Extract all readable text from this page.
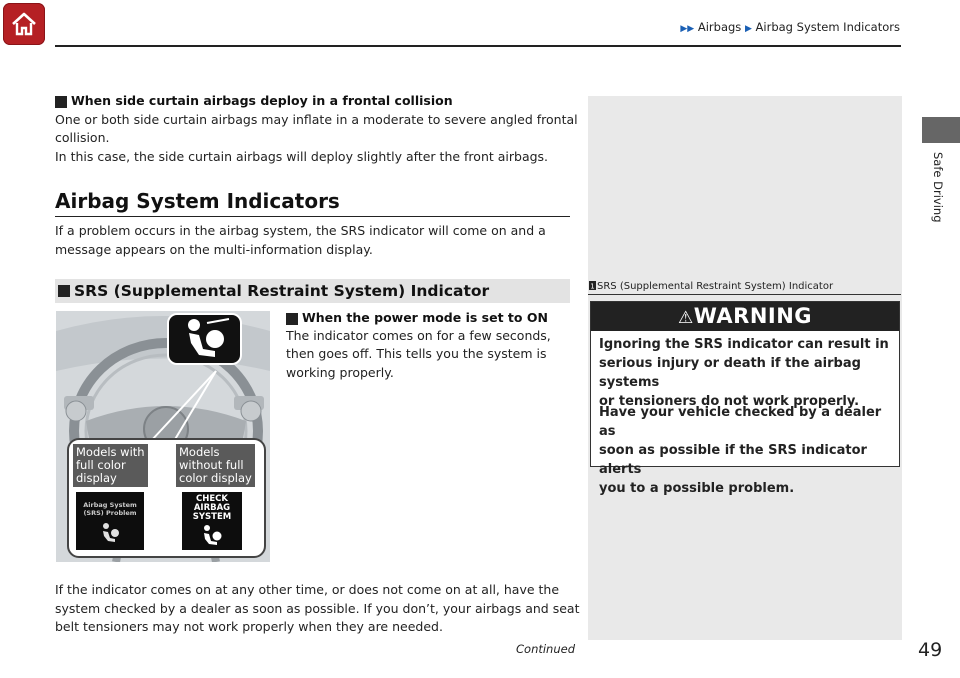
▶▶ Airbags ▶ Airbag System Indicators
Safe Driving
When side curtain airbags deploy in a frontal collision
One or both side curtain airbags may inflate in a moderate to severe angled frontal
collision.
In this case, the side curtain airbags will deploy slightly after the front airbags.
Airbag System Indicators
If a problem occurs in the airbag system, the SRS indicator will come on and a
message appears on the multi-information display.
SRS (Supplemental Restraint System) Indicator
Models with
full color
display
Models
without full
color display
Airbag System
(SRS) Problem
CHECK
AIRBAG
SYSTEM
When the power mode is set to ON
The indicator comes on for a few seconds,
then goes off. This tells you the system is
working properly.
If the indicator comes on at any other time, or does not come on at all, have the
system checked by a dealer as soon as possible. If you don’t, your airbags and seat
belt tensioners may not work properly when they are needed.
1 SRS (Supplemental Restraint System) Indicator
⚠WARNING
Ignoring the SRS indicator can result in
serious injury or death if the airbag systems
or tensioners do not work properly.
Have your vehicle checked by a dealer as
soon as possible if the SRS indicator alerts
you to a possible problem.
Continued	49
